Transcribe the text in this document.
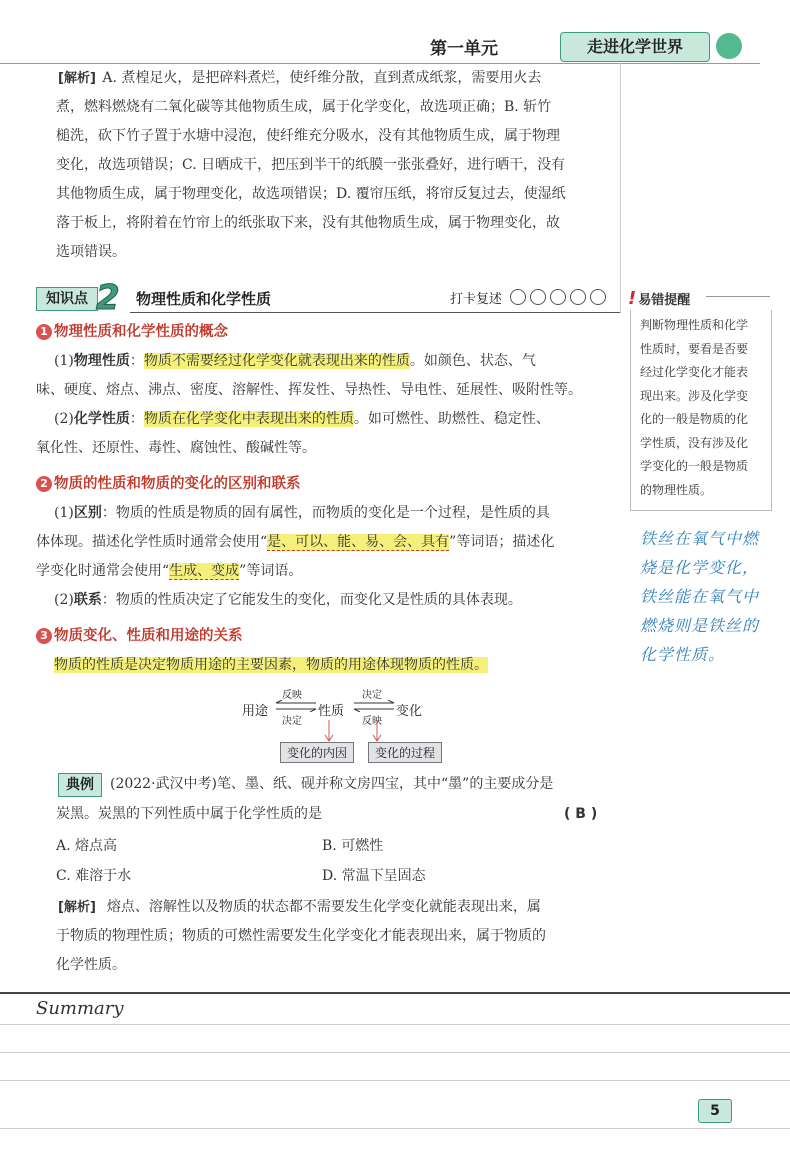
第一单元	走进化学世界
[ 解析 ] A. 煮楻足火，是把碎料煮烂，使纤维分散，直到煮成纸浆，需要用火去
煮，燃料燃烧有二氧化碳等其他物质生成，属于化学变化，故选项正确；B. 斩竹
槌洗，砍下竹子置于水塘中浸泡，使纤维充分吸水，没有其他物质生成，属于物理
变化，故选项错误；C. 日晒成干，把压到半干的纸膜一张张叠好，进行晒干，没有
其他物质生成，属于物理变化，故选项错误；D. 覆帘压纸，将帘反复过去，使湿纸
落于板上，将附着在竹帘上的纸张取下来，没有其他物质生成，属于物理变化，故
选项错误。
知识点 2 物理性质和化学性质	打卡复述	! 易错提醒
判断物理性质和化学
性质时，要看是否要
经过化学变化才能表
现出来。涉及化学变
化的一般是物质的化
学性质，没有涉及化
学变化的一般是物质
的物理性质。
铁丝在氧气中燃
烧是化学变化，
铁丝能在氧气中
燃烧则是铁丝的
化学性质。
1 物理性质和化学性质的概念
(1)物理性质：物质不需要经过化学变化就表现出来的性质。如颜色、状态、气
味、硬度、熔点、沸点、密度、溶解性、挥发性、导热性、导电性、延展性、吸附性等。
(2)化学性质：物质在化学变化中表现出来的性质。如可燃性、助燃性、稳定性、
氧化性、还原性、毒性、腐蚀性、酸碱性等。
2 物质的性质和物质的变化的区别和联系
(1)区别：物质的性质是物质的固有属性，而物质的变化是一个过程，是性质的具
体体现。描述化学性质时通常会使用“是、可以、能、易、会、具有”等词语；描述化
学变化时通常会使用“生成、变成”等词语。
(2)联系：物质的性质决定了它能发生的变化，而变化又是性质的具体表现。
3 物质变化、性质和用途的关系
物质的性质是决定物质用途的主要因素，物质的用途体现物质的性质。
用途
反映
决定
性质
决定
反映
变化
变化的内因	变化的过程
典例	(2022·武汉中考)笔、墨、纸、砚并称文房四宝，其中“墨”的主要成分是
炭黑。炭黑的下列性质中属于化学性质的是	( B )
A. 熔点高	B. 可燃性
C. 难溶于水	D. 常温下呈固态
[ 解析 ] 熔点、溶解性以及物质的状态都不需要发生化学变化就能表现出来，属
于物质的物理性质；物质的可燃性需要发生化学变化才能表现出来，属于物质的
化学性质。
Summary
5
